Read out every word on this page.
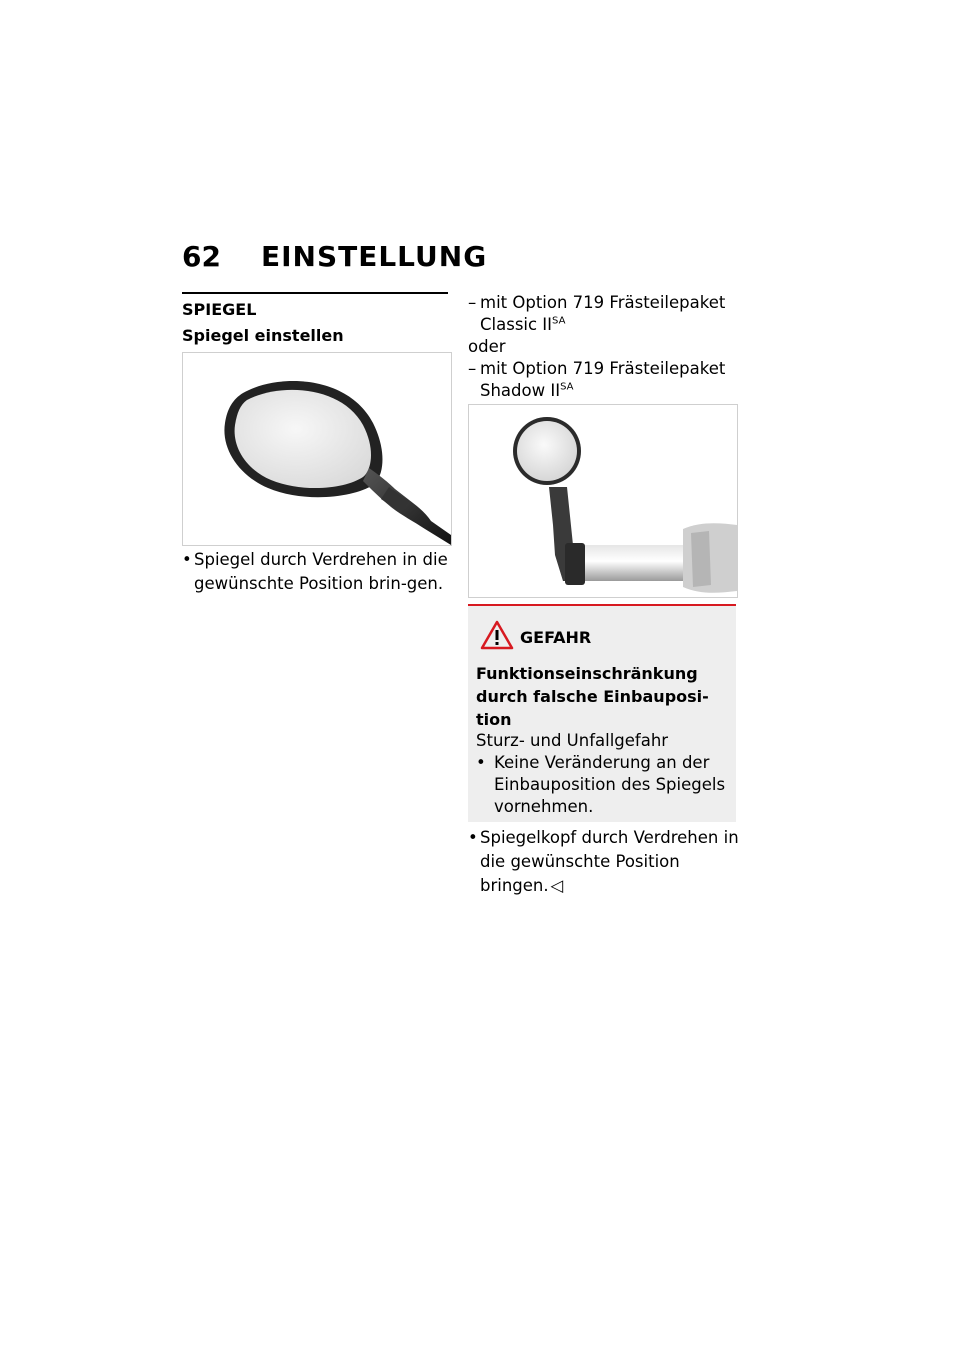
62 EINSTELLUNG
SPIEGEL
Spiegel einstellen
• Spiegel durch Verdrehen in die gewünschte Position brin-gen.
– mit Option 719 Frästeilepaket Classic $II^{SA}$
oder
– mit Option 719 Frästeilepaket Shadow $II^{SA}$
GEFAHR
Funktionseinschränkung durch falsche Einbauposi-tion
Sturz- und Unfallgefahr
• Keine Veränderung an der Einbauposition des Spiegels vornehmen.
• Spiegelkopf durch Verdrehen in die gewünschte Position bringen. ◁
